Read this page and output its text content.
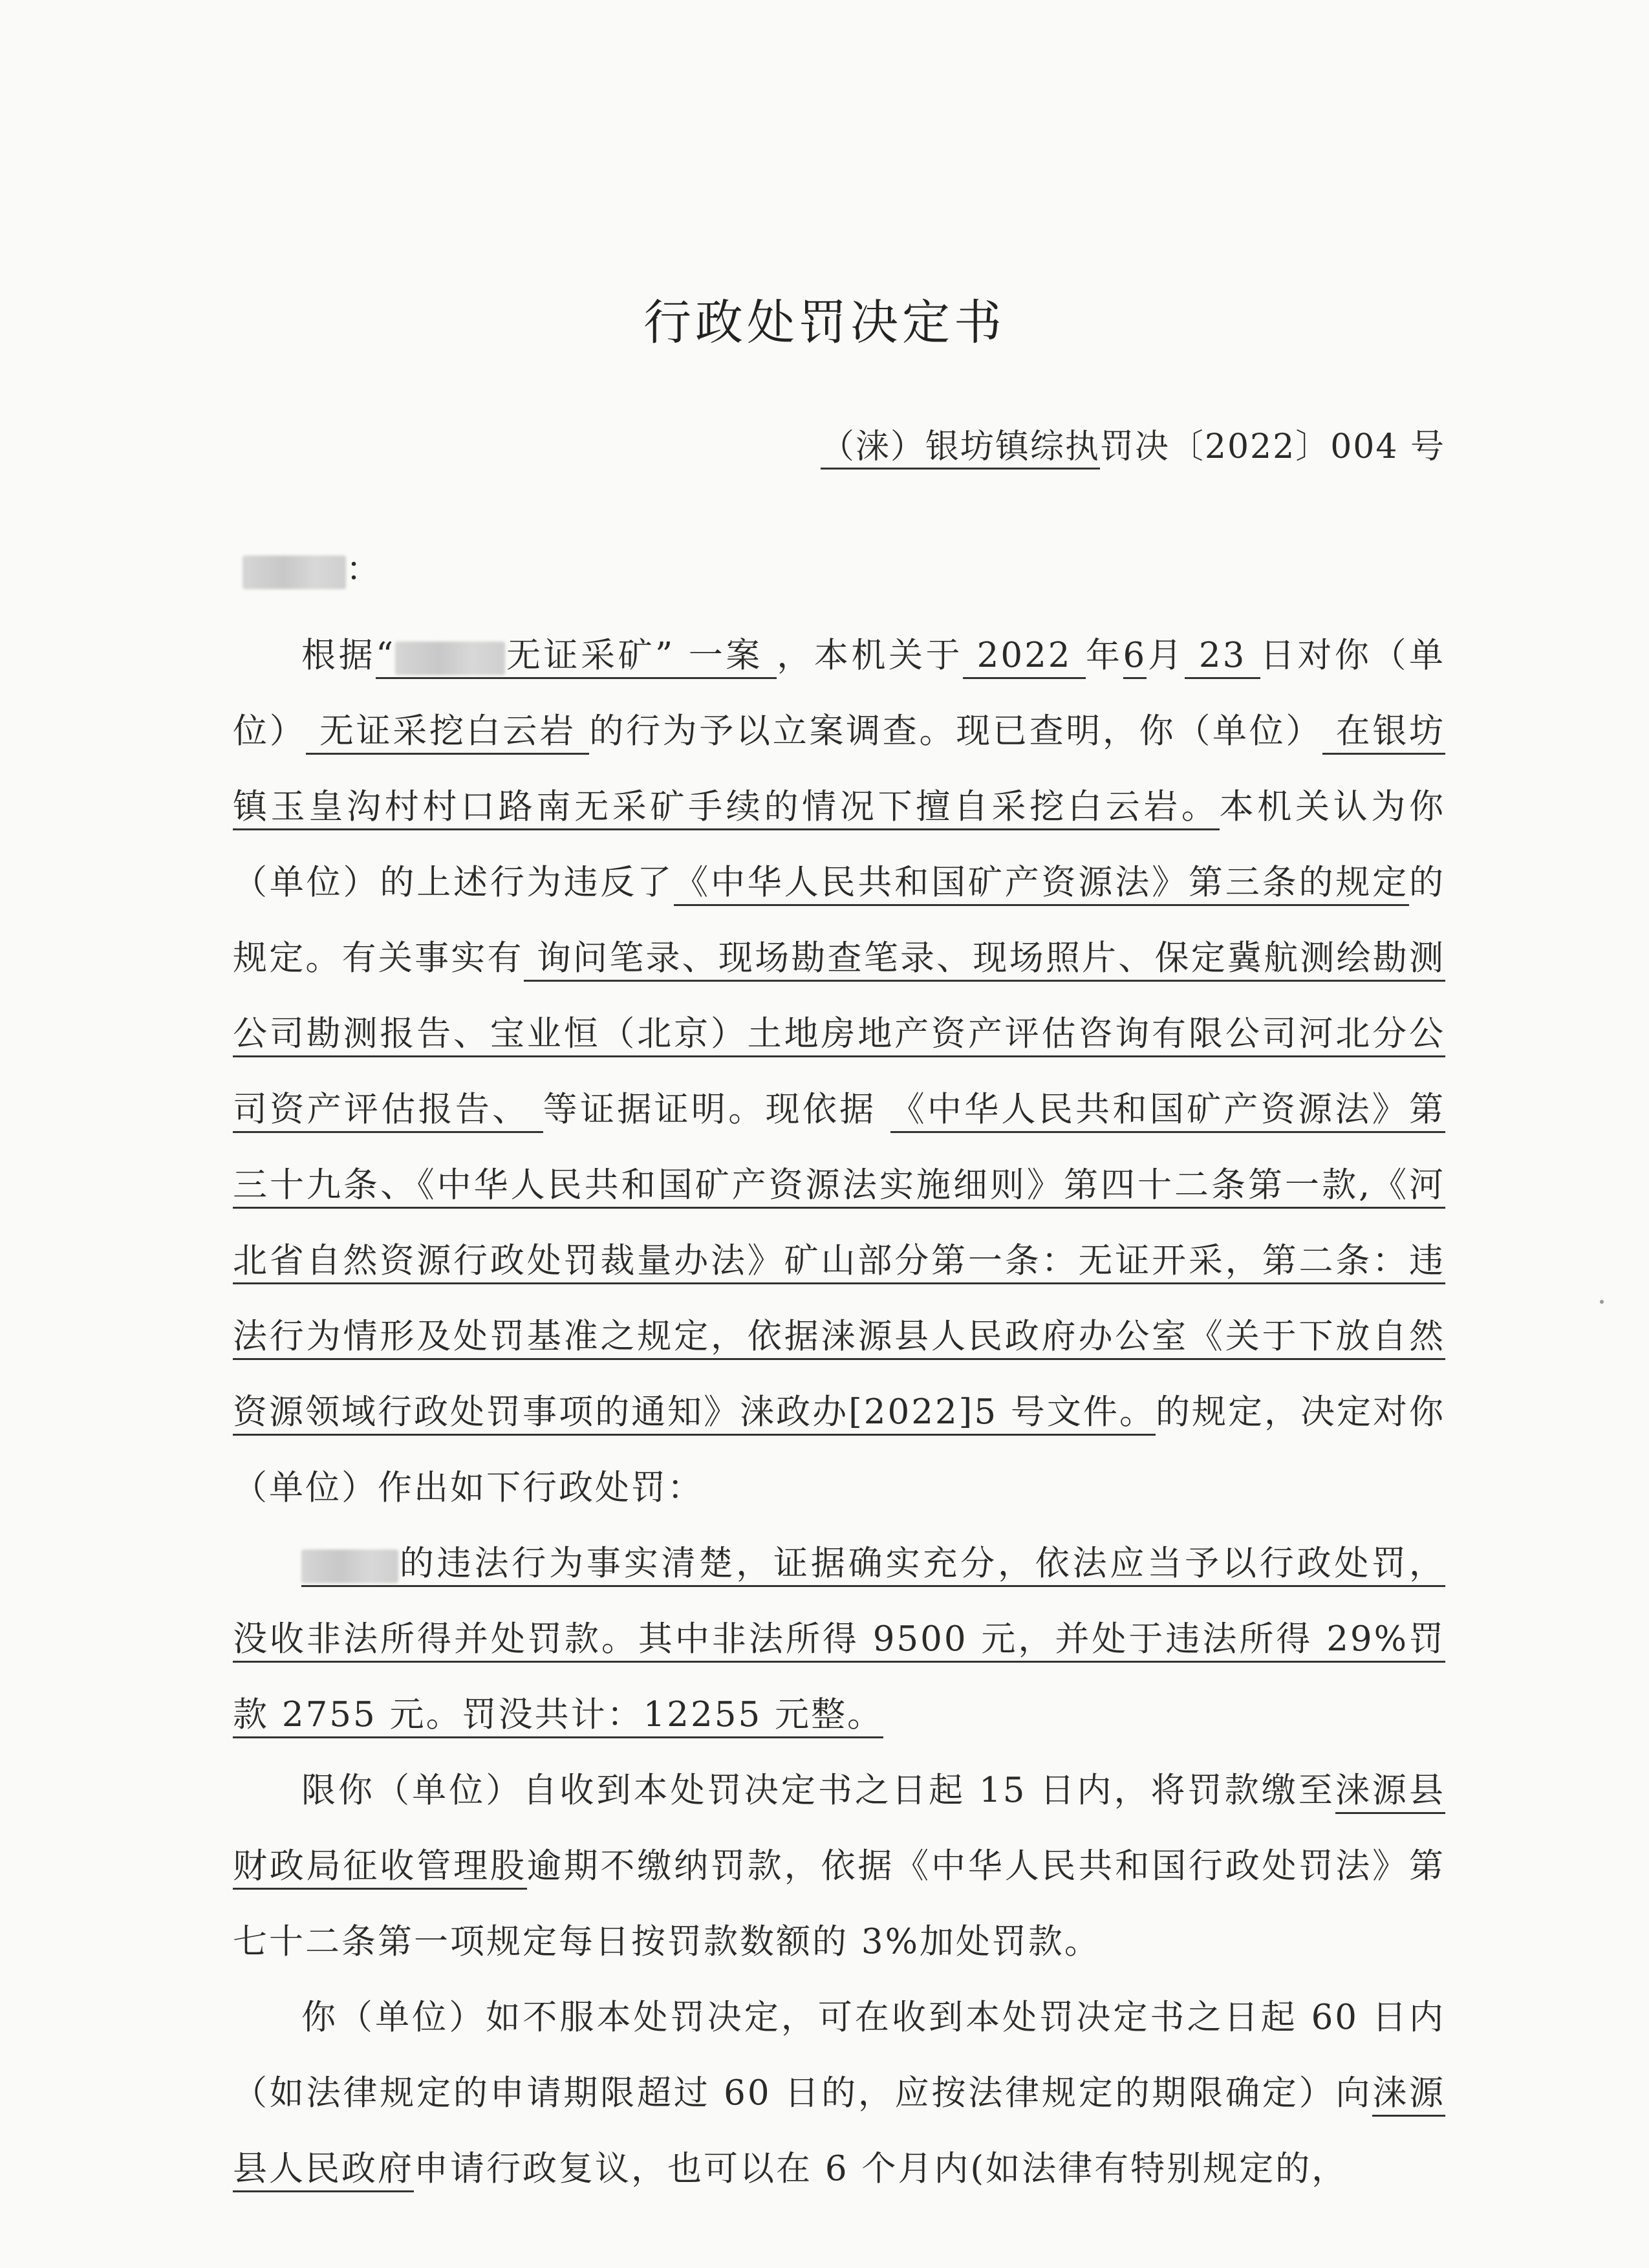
行政处罚决定书
（涞）银坊镇综执罚决〔2022〕004 号
：

根据“	无证采矿” 一案 ，本机关于 2022 年6月 23 日对你（单位） 无证采挖白云岩 的行为予以立案调查。现已查明，你（单位） 在银坊镇玉皇沟村村口路南无采矿手续的情况下擅自采挖白云岩。本机关认为你（单位）的上述行为违反了《中华人民共和国矿产资源法》第三条的规定的规定。有关事实有 询问笔录、现场勘查笔录、现场照片、保定冀航测绘勘测公司勘测报告、宝业恒（北京）土地房地产资产评估咨询有限公司河北分公司资产评估报告、 等证据证明。现依据 《中华人民共和国矿产资源法》第三十九条、《中华人民共和国矿产资源法实施细则》第四十二条第一款,《河北省自然资源行政处罚裁量办法》矿山部分第一条：无证开采，第二条：违法行为情形及处罚基准之规定，依据涞源县人民政府办公室《关于下放自然资源领域行政处罚事项的通知》涞政办[2022]5 号文件。的规定，决定对你（单位）作出如下行政处罚：

的违法行为事实清楚，证据确实充分，依法应当予以行政处罚，没收非法所得并处罚款。其中非法所得 9500 元，并处于违法所得 29%罚款 2755 元。罚没共计：12255 元整。

限你（单位）自收到本处罚决定书之日起 15 日内，将罚款缴至涞源县财政局征收管理股逾期不缴纳罚款，依据《中华人民共和国行政处罚法》第七十二条第一项规定每日按罚款数额的 3%加处罚款。

你（单位）如不服本处罚决定，可在收到本处罚决定书之日起 60 日内（如法律规定的申请期限超过 60 日的，应按法律规定的期限确定）向涞源县人民政府申请行政复议，也可以在 6 个月内(如法律有特别规定的，
